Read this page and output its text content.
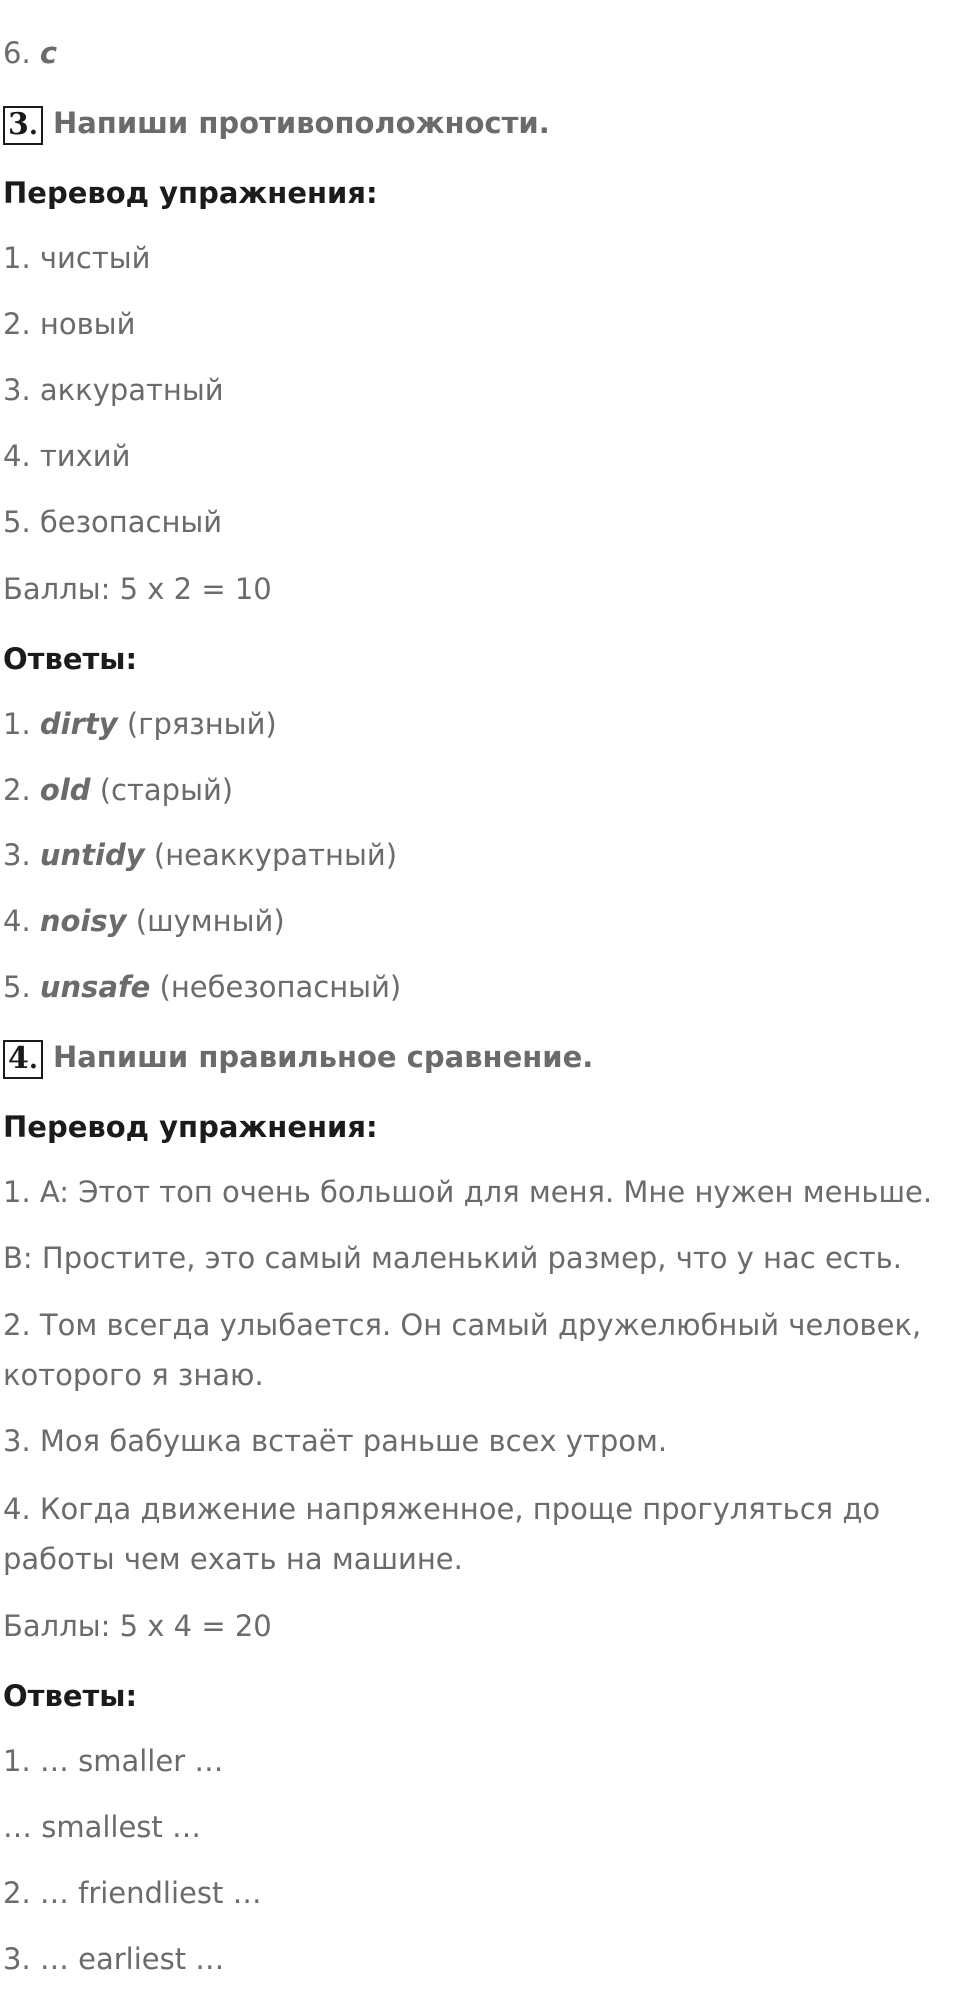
6. c
3. Напиши противоположности.
Перевод упражнения:
1. чистый
2. новый
3. аккуратный
4. тихий
5. безопасный
Баллы: 5 x 2 = 10
Ответы:
1. dirty (грязный)
2. old (старый)
3. untidy (неаккуратный)
4. noisy (шумный)
5. unsafe (небезопасный)
4. Напиши правильное сравнение.
Перевод упражнения:
1. A: Этот топ очень большой для меня. Мне нужен меньше.
B: Простите, это самый маленький размер, что у нас есть.
2. Том всегда улыбается. Он самый дружелюбный человек, которого я знаю.
3. Моя бабушка встаёт раньше всех утром.
4. Когда движение напряженное, проще прогуляться до работы чем ехать на машине.
Баллы: 5 x 4 = 20
Ответы:
1. … smaller …
… smallest …
2. … friendliest …
3. … earliest …
